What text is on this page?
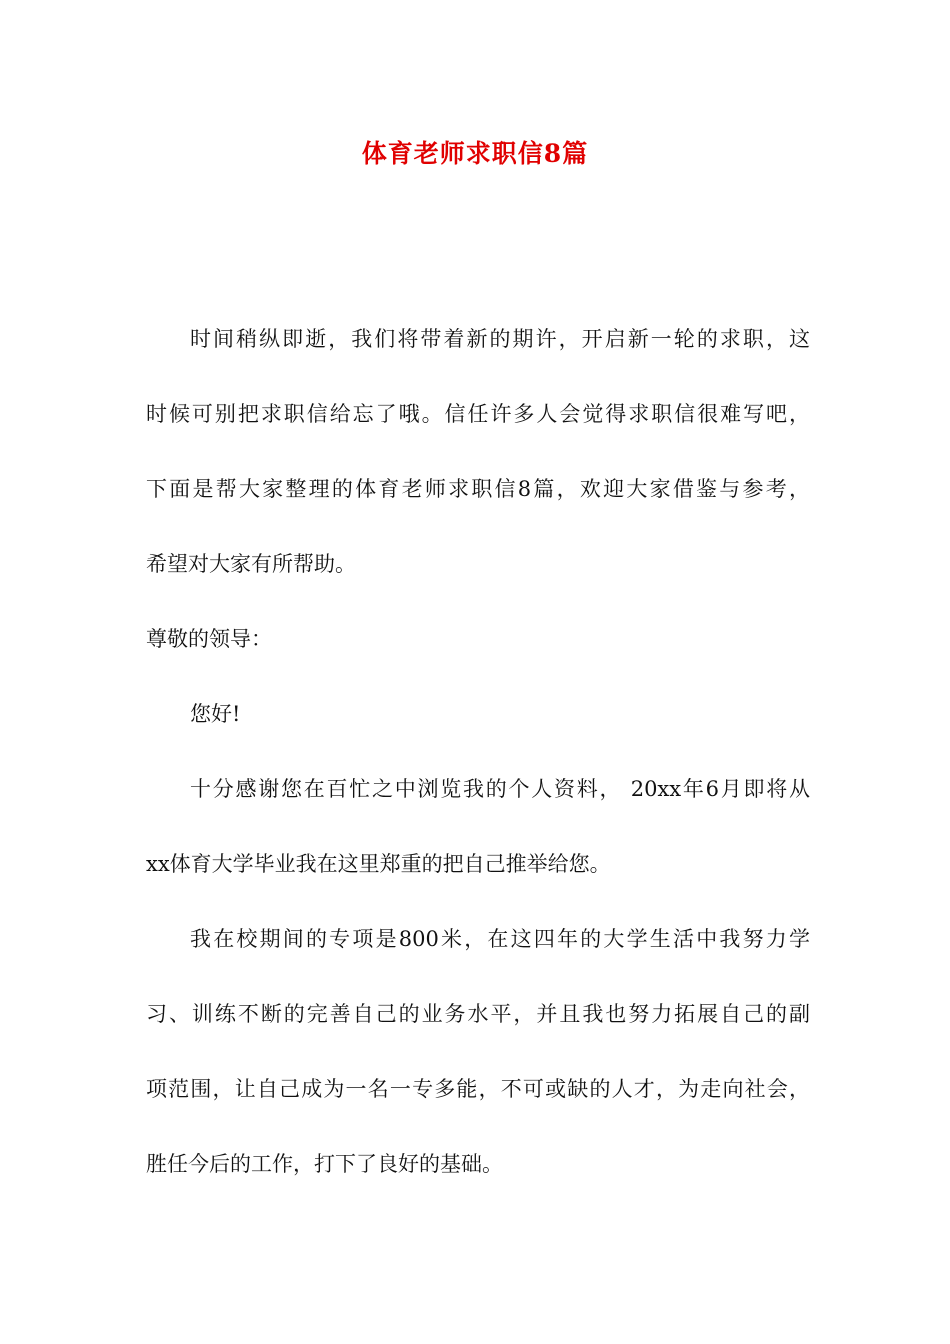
体育老师求职信8篇
时间稍纵即逝，我们将带着新的期许，开启新一轮的求职，这
时候可别把求职信给忘了哦。信任许多人会觉得求职信很难写吧，
下面是帮大家整理的体育老师求职信8篇，欢迎大家借鉴与参考，
希望对大家有所帮助。
尊敬的领导：
您好!
十分感谢您在百忙之中浏览我的个人资料， 20xx年6月即将从
xx体育大学毕业我在这里郑重的把自己推举给您。
我在校期间的专项是800米，在这四年的大学生活中我努力学
习、训练不断的完善自己的业务水平，并且我也努力拓展自己的副
项范围，让自己成为一名一专多能，不可或缺的人才，为走向社会，
胜任今后的工作，打下了良好的基础。
